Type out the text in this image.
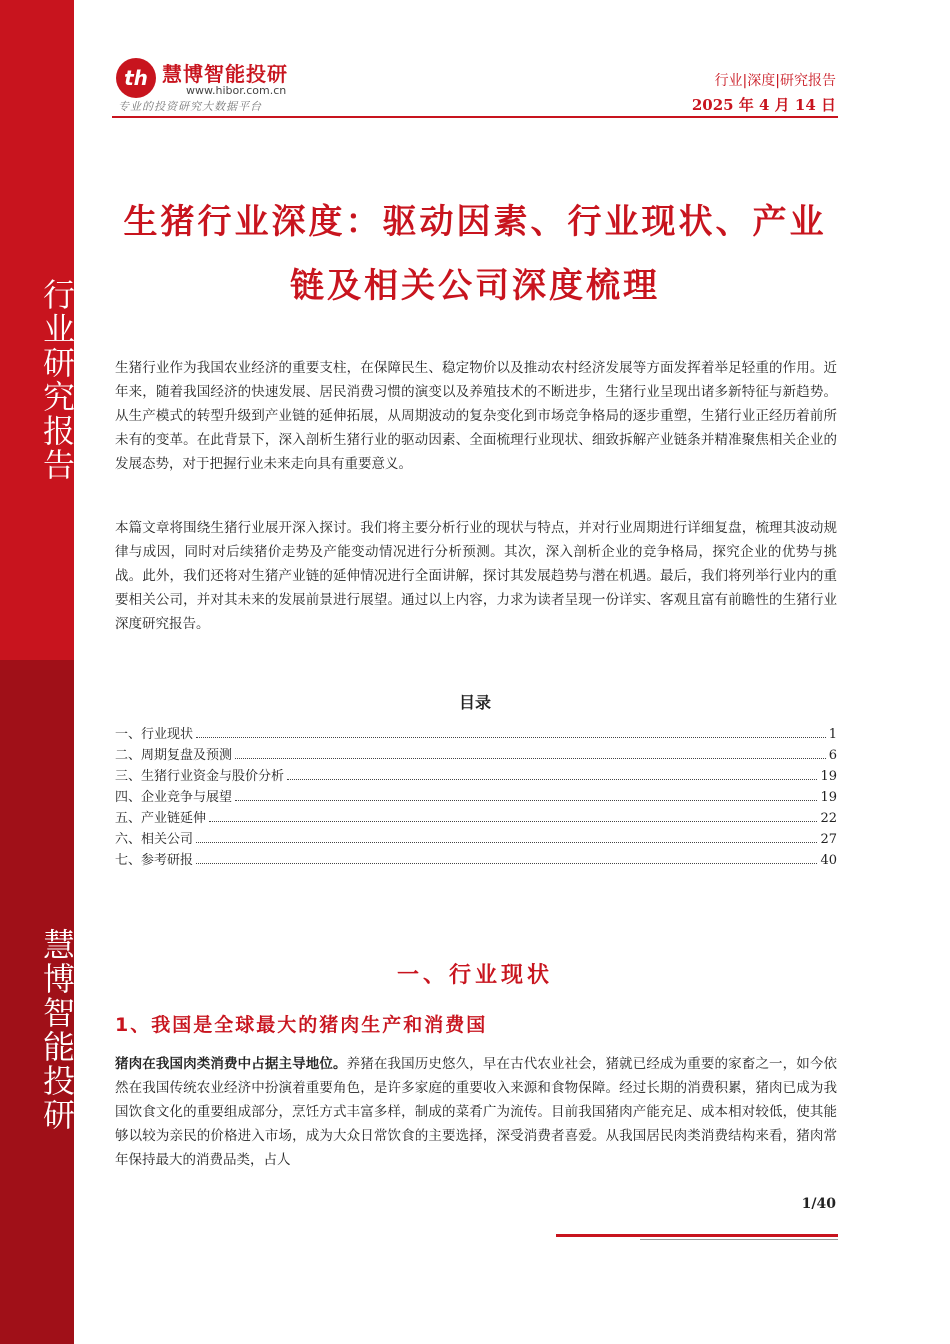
行业研究报告
慧博智能投研
th 慧博智能投研
www.hibor.com.cn
专业的投资研究大数据平台
行业|深度|研究报告
2025 年 4 月 14 日
生猪行业深度：驱动因素、行业现状、产业
链及相关公司深度梳理

生猪行业作为我国农业经济的重要支柱，在保障民生、稳定物价以及推动农村经济发展等方面发挥着举足轻重的作用。近年来，随着我国经济的快速发展、居民消费习惯的演变以及养殖技术的不断进步，生猪行业呈现出诸多新特征与新趋势。从生产模式的转型升级到产业链的延伸拓展，从周期波动的复杂变化到市场竞争格局的逐步重塑，生猪行业正经历着前所未有的变革。在此背景下，深入剖析生猪行业的驱动因素、全面梳理行业现状、细致拆解产业链条并精准聚焦相关企业的发展态势，对于把握行业未来走向具有重要意义。

本篇文章将围绕生猪行业展开深入探讨。我们将主要分析行业的现状与特点，并对行业周期进行详细复盘，梳理其波动规律与成因，同时对后续猪价走势及产能变动情况进行分析预测。其次，深入剖析企业的竞争格局，探究企业的优势与挑战。此外，我们还将对生猪产业链的延伸情况进行全面讲解，探讨其发展趋势与潜在机遇。最后，我们将列举行业内的重要相关公司，并对其未来的发展前景进行展望。通过以上内容，力求为读者呈现一份详实、客观且富有前瞻性的生猪行业深度研究报告。

目录
一、行业现状	1
二、周期复盘及预测	6
三、生猪行业资金与股价分析	19
四、企业竞争与展望	19
五、产业链延伸	22
六、相关公司	27
七、参考研报	40
一、行业现状
1、我国是全球最大的猪肉生产和消费国

猪肉在我国肉类消费中占据主导地位。养猪在我国历史悠久，早在古代农业社会，猪就已经成为重要的家畜之一，如今依然在我国传统农业经济中扮演着重要角色，是许多家庭的重要收入来源和食物保障。经过长期的消费积累，猪肉已成为我国饮食文化的重要组成部分，烹饪方式丰富多样，制成的菜肴广为流传。目前我国猪肉产能充足、成本相对较低，使其能够以较为亲民的价格进入市场，成为大众日常饮食的主要选择，深受消费者喜爱。从我国居民肉类消费结构来看，猪肉常年保持最大的消费品类，占人

1/40
